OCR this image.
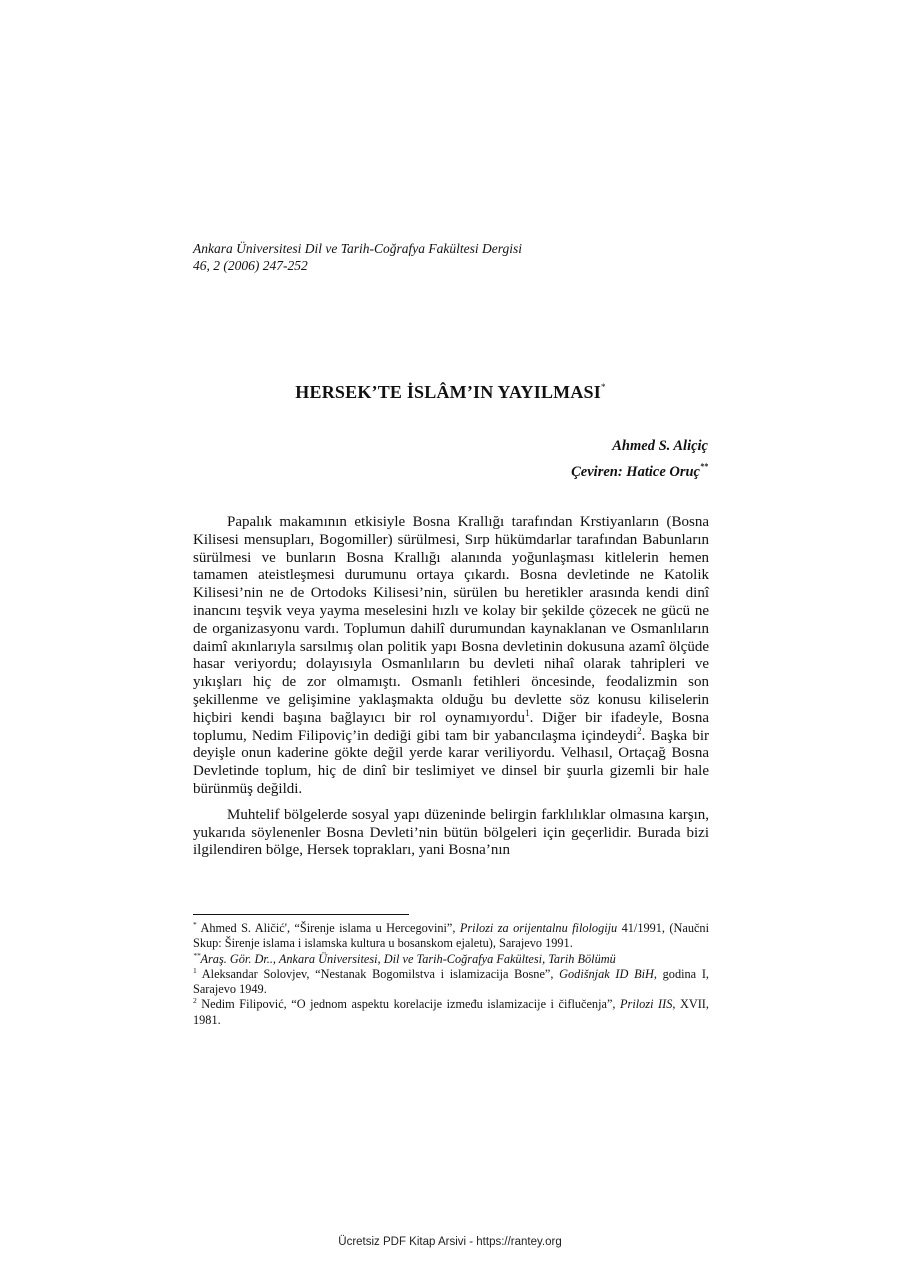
Ankara Üniversitesi Dil ve Tarih-Coğrafya Fakültesi Dergisi
46, 2 (2006) 247-252
HERSEK’TE İSLÂM’IN YAYILMASI*
Ahmed S. Aliçiç
Çeviren: Hatice Oruç**

Papalık makamının etkisiyle Bosna Krallığı tarafından Krstiyanların (Bosna Kilisesi mensupları, Bogomiller) sürülmesi, Sırp hükümdarlar tarafından Babunların sürülmesi ve bunların Bosna Krallığı alanında yoğunlaşması kitlelerin hemen tamamen ateistleşmesi durumunu ortaya çıkardı. Bosna devletinde ne Katolik Kilisesi’nin ne de Ortodoks Kilisesi’nin, sürülen bu heretikler arasında kendi dinî inancını teşvik veya yayma meselesini hızlı ve kolay bir şekilde çözecek ne gücü ne de organizasyonu vardı. Toplumun dahilî durumundan kaynaklanan ve Osmanlıların daimî akınlarıyla sarsılmış olan politik yapı Bosna devletinin dokusuna azamî ölçüde hasar veriyordu; dolayısıyla Osmanlıların bu devleti nihaî olarak tahripleri ve yıkışları hiç de zor olmamıştı. Osmanlı fetihleri öncesinde, feodalizmin son şekillenme ve gelişimine yaklaşmakta olduğu bu devlette söz konusu kiliselerin hiçbiri kendi başına bağlayıcı bir rol oynamıyordu$^1$. Diğer bir ifadeyle, Bosna toplumu, Nedim Filipoviç’in dediği gibi tam bir yabancılaşma içindeydi$^2$. Başka bir deyişle onun kaderine gökte değil yerde karar veriliyordu. Velhasıl, Ortaçağ Bosna Devletinde toplum, hiç de dinî bir teslimiyet ve dinsel bir şuurla gizemli bir hale bürünmüş değildi.

Muhtelif bölgelerde sosyal yapı düzeninde belirgin farklılıklar olmasına karşın, yukarıda söylenenler Bosna Devleti’nin bütün bölgeleri için geçerlidir. Burada bizi ilgilendiren bölge, Hersek toprakları, yani Bosna’nın

* Ahmed S. Aličić', “Širenje islama u Hercegovini”, Prilozi za orijentalnu filologiju 41/1991, (Naučni Skup: Širenje islama i islamska kultura u bosanskom ejaletu), Sarajevo 1991.

**Araş. Gör. Dr.., Ankara Üniversitesi, Dil ve Tarih-Coğrafya Fakültesi, Tarih Bölümü

$^1$ Aleksandar Solovjev, “Nestanak Bogomilstva i islamizacija Bosne”, Godišnjak ID BiH, godina I, Sarajevo 1949.

$^2$ Nedim Filipović, “O jednom aspektu korelacije između islamizacije i čiflučenja”, Prilozi IIS, XVII, 1981.

Ücretsiz PDF Kitap Arsivi - https://rantey.org
